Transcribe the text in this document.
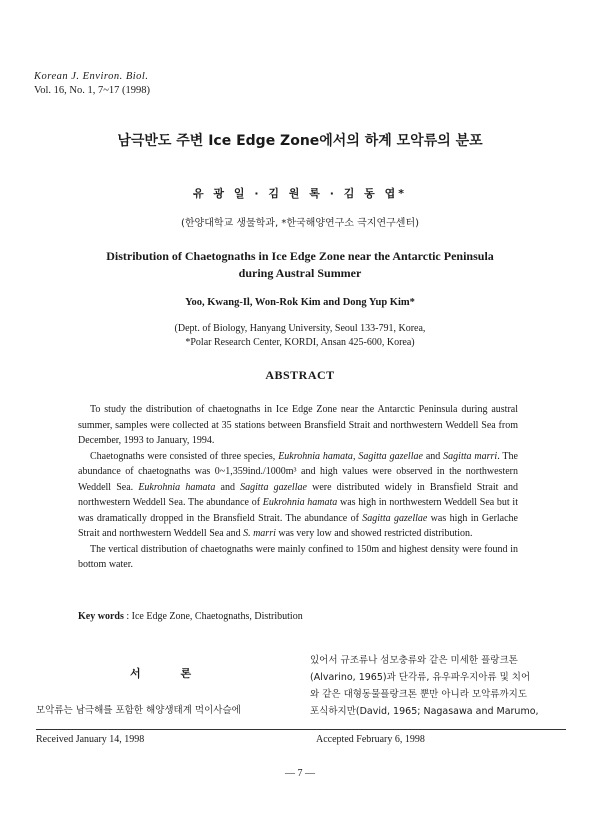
Korean J. Environ. Biol.
Vol. 16, No. 1, 7~17 (1998)
남극반도 주변 Ice Edge Zone에서의 하계 모악류의 분포
유 광 일 · 김 원 록 · 김 동 엽*
(한양대학교 생물학과, *한국해양연구소 극지연구센터)
Distribution of Chaetognaths in Ice Edge Zone near the Antarctic Peninsula during Austral Summer
Yoo, Kwang-Il, Won-Rok Kim and Dong Yup Kim*
(Dept. of Biology, Hanyang University, Seoul 133-791, Korea,
*Polar Research Center, KORDI, Ansan 425-600, Korea)
ABSTRACT

To study the distribution of chaetognaths in Ice Edge Zone near the Antarctic Peninsula during austral summer, samples were collected at 35 stations between Bransfield Strait and northwestern Weddell Sea from December, 1993 to January, 1994.

Chaetognaths were consisted of three species, Eukrohnia hamata, Sagitta gazellae and Sagitta marri. The abundance of chaetognaths was 0~1,359ind./1000m³ and high values were observed in the northwestern Weddell Sea. Eukrohnia hamata and Sagitta gazellae were distributed widely in Bransfield Strait and northwestern Weddell Sea. The abundance of Eukrohnia hamata was high in northwestern Weddell Sea but it was dramatically dropped in the Bransfield Strait. The abundance of Sagitta gazellae was high in Gerlache Strait and northwestern Weddell Sea and S. marri was very low and showed restricted distribution.

The vertical distribution of chaetognaths were mainly confined to 150m and highest density were found in bottom water.

Key words : Ice Edge Zone, Chaetognaths, Distribution
서 론
모악류는 남극해를 포함한 해양생태계 먹이사슬에
있어서 규조류나 섬모충류와 같은 미세한 플랑크톤
(Alvarino, 1965)과 단각류, 유우파우지아류 및 치어
와 같은 대형동물플랑크톤 뿐만 아니라 모악류까지도
포식하지만(David, 1965; Nagasawa and Marumo,
Received January 14, 1998	Accepted February 6, 1998
— 7 —
